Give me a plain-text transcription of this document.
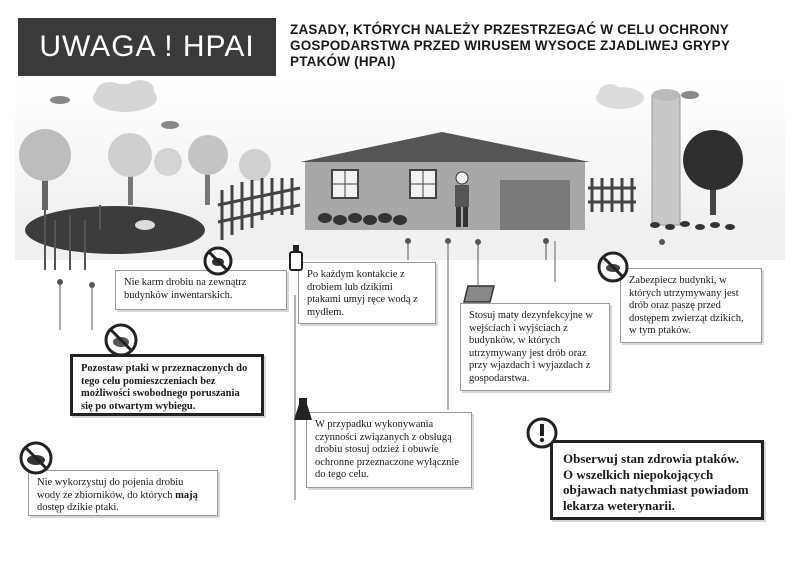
UWAGA ! HPAI
ZASADY, KTÓRYCH NALEŻY PRZESTRZEGAĆ W CELU OCHRONY GOSPODARSTWA PRZED WIRUSEM WYSOCE ZJADLIWEJ GRYPY PTAKÓW (HPAI)
Nie karm drobiu na zewnątrz budynków inwentarskich.
Pozostaw ptaki w przeznaczonych do tego celu pomieszczeniach bez możliwości swobodnego poruszania się po otwartym wybiegu.
Nie wykorzystuj do pojenia drobiu wody ze zbiorników, do których mają dostęp dzikie ptaki.
Po każdym kontakcie z drobiem lub dzikimi ptakami umyj ręce wodą z mydłem.
W przypadku wykonywania czynności związanych z obsługą drobiu stosuj odzież i obuwie ochronne przeznaczone wyłącznie do tego celu.
Stosuj maty dezynfekcyjne w wejściach i wyjściach z budynków, w których utrzymywany jest drób oraz przy wjazdach i wyjazdach z gospodarstwa.
Zabezpiecz budynki, w których utrzymywany jest drób oraz paszę przed dostępem zwierząt dzikich, w tym ptaków.
Obserwuj stan zdrowia ptaków. O wszelkich niepokojących objawach natychmiast powiadom lekarza weterynarii.
